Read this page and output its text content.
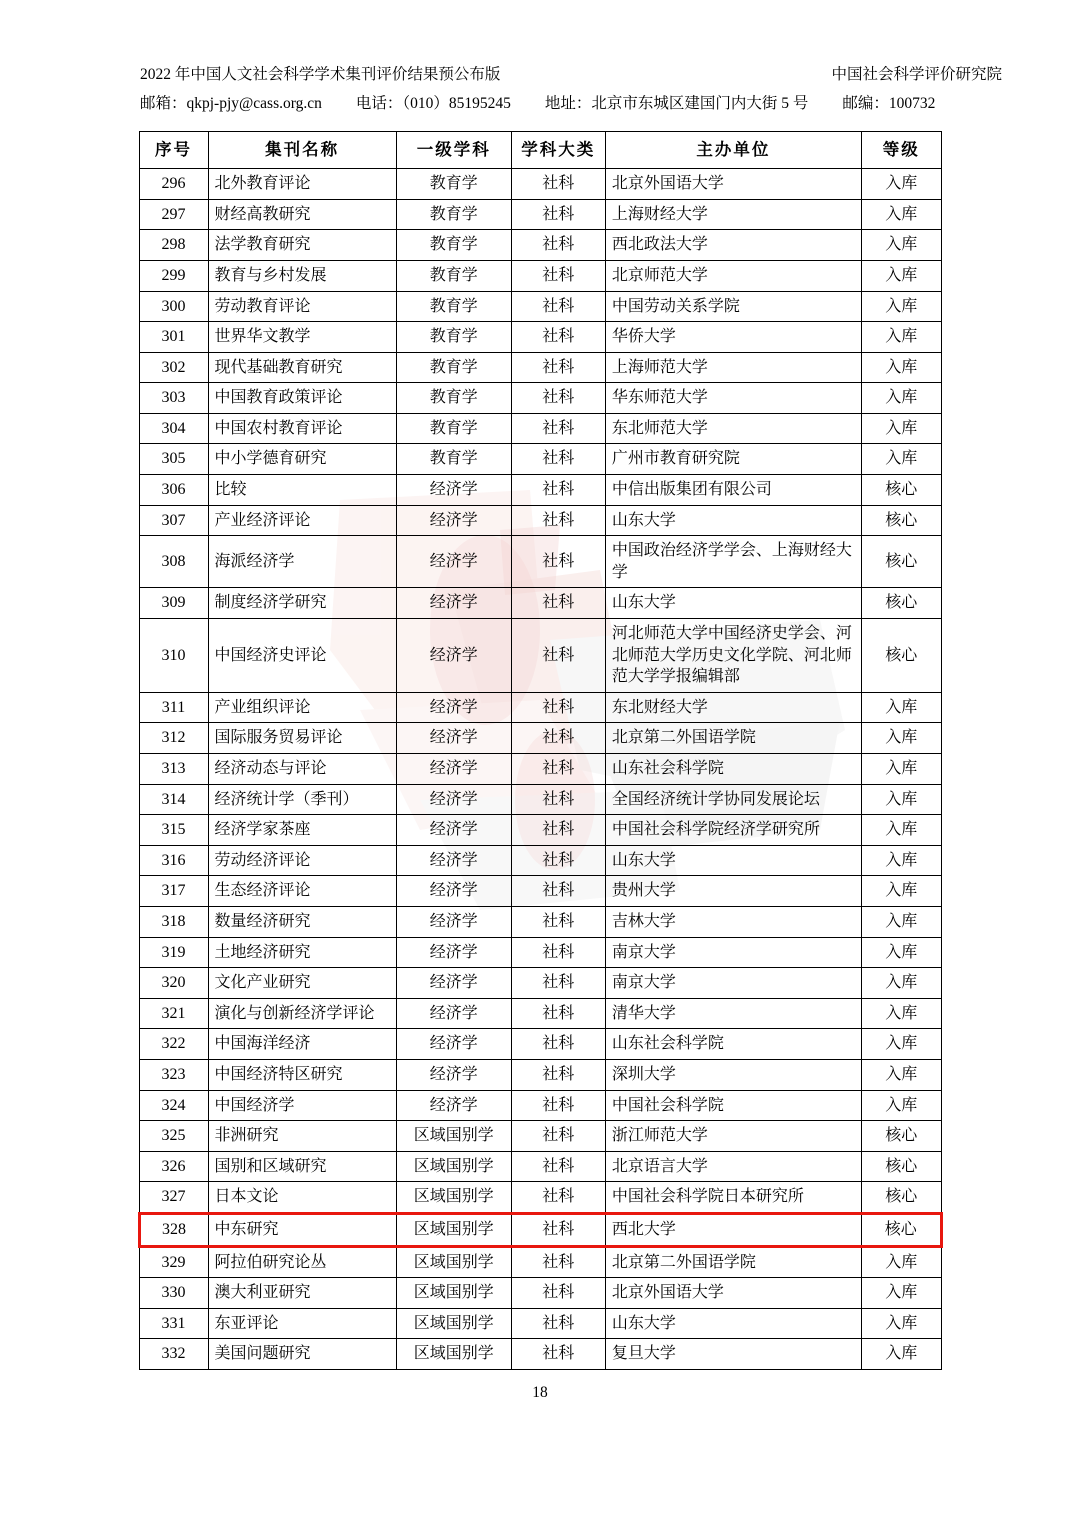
2022 年中国人文社会科学学术集刊评价结果预公布版	中国社会科学评价研究院
邮箱：qkpj-pjy@cass.org.cn 电话：（010）85195245 地址：北京市东城区建国门内大街 5 号 邮编：100732
序号	集刊名称	一级学科	学科大类	主办单位	等级
296	北外教育评论	教育学	社科	北京外国语大学	入库
297	财经高教研究	教育学	社科	上海财经大学	入库
298	法学教育研究	教育学	社科	西北政法大学	入库
299	教育与乡村发展	教育学	社科	北京师范大学	入库
300	劳动教育评论	教育学	社科	中国劳动关系学院	入库
301	世界华文教学	教育学	社科	华侨大学	入库
302	现代基础教育研究	教育学	社科	上海师范大学	入库
303	中国教育政策评论	教育学	社科	华东师范大学	入库
304	中国农村教育评论	教育学	社科	东北师范大学	入库
305	中小学德育研究	教育学	社科	广州市教育研究院	入库
306	比较	经济学	社科	中信出版集团有限公司	核心
307	产业经济评论	经济学	社科	山东大学	核心
308	海派经济学	经济学	社科	中国政治经济学学会、上海财经大学	核心
309	制度经济学研究	经济学	社科	山东大学	核心
310	中国经济史评论	经济学	社科	河北师范大学中国经济史学会、河北师范大学历史文化学院、河北师范大学学报编辑部	核心
311	产业组织评论	经济学	社科	东北财经大学	入库
312	国际服务贸易评论	经济学	社科	北京第二外国语学院	入库
313	经济动态与评论	经济学	社科	山东社会科学院	入库
314	经济统计学（季刊）	经济学	社科	全国经济统计学协同发展论坛	入库
315	经济学家茶座	经济学	社科	中国社会科学院经济学研究所	入库
316	劳动经济评论	经济学	社科	山东大学	入库
317	生态经济评论	经济学	社科	贵州大学	入库
318	数量经济研究	经济学	社科	吉林大学	入库
319	土地经济研究	经济学	社科	南京大学	入库
320	文化产业研究	经济学	社科	南京大学	入库
321	演化与创新经济学评论	经济学	社科	清华大学	入库
322	中国海洋经济	经济学	社科	山东社会科学院	入库
323	中国经济特区研究	经济学	社科	深圳大学	入库
324	中国经济学	经济学	社科	中国社会科学院	入库
325	非洲研究	区域国别学	社科	浙江师范大学	核心
326	国别和区域研究	区域国别学	社科	北京语言大学	核心
327	日本文论	区域国别学	社科	中国社会科学院日本研究所	核心
328	中东研究	区域国别学	社科	西北大学	核心
329	阿拉伯研究论丛	区域国别学	社科	北京第二外国语学院	入库
330	澳大利亚研究	区域国别学	社科	北京外国语大学	入库
331	东亚评论	区域国别学	社科	山东大学	入库
332	美国问题研究	区域国别学	社科	复旦大学	入库
18
